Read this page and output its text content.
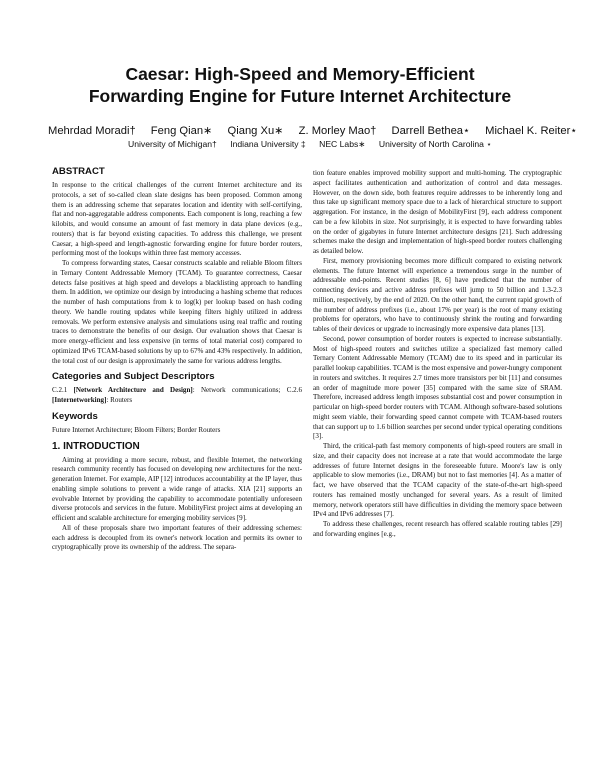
Caesar: High-Speed and Memory-Efficient
Forwarding Engine for Future Internet Architecture
Mehrdad Moradi† Feng Qian∗ Qiang Xu∗ Z. Morley Mao† Darrell Bethea⋆ Michael K. Reiter⋆
University of Michigan† Indiana University ‡ NEC Labs∗ University of North Carolina ⋆
ABSTRACT

In response to the critical challenges of the current Internet architecture and its protocols, a set of so-called clean slate designs has been proposed. Common among them is an addressing scheme that separates location and identity with self-certifying, flat and non-aggregatable address components. Each component is long, reaching a few kilobits, and would consume an amount of fast memory in data plane devices (e.g., routers) that is far beyond existing capacities. To address this challenge, we present Caesar, a high-speed and length-agnostic forwarding engine for future border routers, performing most of the lookups within three fast memory accesses.

To compress forwarding states, Caesar constructs scalable and reliable Bloom filters in Ternary Content Addressable Memory (TCAM). To guarantee correctness, Caesar detects false positives at high speed and develops a blacklisting approach to handling them. In addition, we optimize our design by introducing a hashing scheme that reduces the number of hash computations from k to log(k) per lookup based on hash coding theory. We handle routing updates while keeping filters highly utilized in address removals. We perform extensive analysis and simulations using real traffic and routing traces to demonstrate the benefits of our design. Our evaluation shows that Caesar is more energy-efficient and less expensive (in terms of total material cost) compared to optimized IPv6 TCAM-based solutions by up to 67% and 43% respectively. In addition, the total cost of our design is approximately the same for various address lengths.

Categories and Subject Descriptors

C.2.1 [Network Architecture and Design]: Network communications; C.2.6 [Internetworking]: Routers

Keywords

Future Internet Architecture; Bloom Filters; Border Routers

1. INTRODUCTION

Aiming at providing a more secure, robust, and flexible Internet, the networking research community recently has focused on developing new architectures for the next-generation Internet. For example, AIP [12] introduces accountability at the IP layer, thus enabling simple solutions to prevent a wide range of attacks. XIA [21] supports an evolvable Internet by providing the capability to accommodate potentially unforeseen diverse protocols and services in the future. MobilityFirst project aims at developing an efficient and scalable architecture for emerging mobility services [9].

All of these proposals share two important features of their addressing schemes: each address is decoupled from its owner's network location and permits its owner to cryptographically prove its ownership of the address. The separa-

tion feature enables improved mobility support and multi-homing. The cryptographic aspect facilitates authentication and authorization of control and data messages. However, on the down side, both features require addresses to be inherently long and thus take up significant memory space due to a lack of hierarchical structure to support aggregation. For instance, in the design of MobilityFirst [9], each address component can be a few kilobits in size. Not surprisingly, it is expected to have forwarding tables on the order of gigabytes in future Internet architecture designs [21]. Such addressing schemes make the design and implementation of high-speed border routers challenging as detailed below.

First, memory provisioning becomes more difficult compared to existing network elements. The future Internet will experience a tremendous surge in the number of addressable end-points. Recent studies [8, 6] have predicted that the number of connecting devices and active address prefixes will jump to 50 billion and 1.3-2.3 million, respectively, by the end of 2020. On the other hand, the current rapid growth of the number of address prefixes (i.e., about 17% per year) is the root of many existing problems for operators, who have to continuously shrink the routing and forwarding tables of their devices or upgrade to increasingly more expensive data planes [13].

Second, power consumption of border routers is expected to increase substantially. Most of high-speed routers and switches utilize a specialized fast memory called Ternary Content Addressable Memory (TCAM) due to its speed and in particular its parallel lookup capabilities. TCAM is the most expensive and power-hungry component in routers and switches. It requires 2.7 times more transistors per bit [11] and consumes an order of magnitude more power [35] compared with the same size of SRAM. Therefore, increased address length imposes substantial cost and power consumption in particular on high-speed border routers with TCAM. Although software-based solutions might seem viable, their forwarding speed cannot compete with TCAM-based routers that can support up to 1.6 billion searches per second under typical operating conditions [3].

Third, the critical-path fast memory components of high-speed routers are small in size, and their capacity does not increase at a rate that would accommodate the large addresses of future Internet designs in the foreseeable future. Moore's law is only applicable to slow memories (i.e., DRAM) but not to fast memories [4]. As a matter of fact, we have observed that the TCAM capacity of the state-of-the-art high-speed routers has remained mostly unchanged for several years. As a result of limited memory, network operators still have difficulties in dividing the memory space between IPv4 and IPv6 addresses [7].

To address these challenges, recent research has offered scalable routing tables [29] and forwarding engines [e.g.,
